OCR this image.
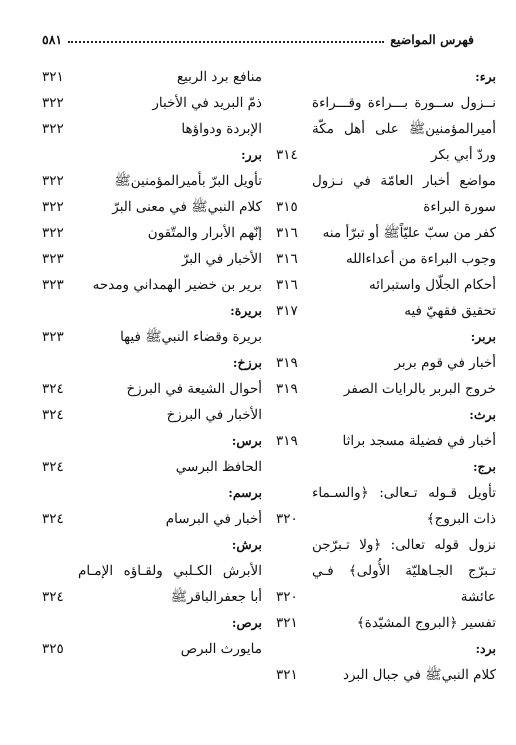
٥٨١	فهرس المواضيع
برء:
نــزول ســورة بـــراءة وقـــراءة
أميرالمؤمنينﷺ على أهل مكّة
وردّ أبي بكر
٣١٤
مواضع أخبار العامّة في نـزول
سورة البراءة
٣١٥
كفر من سبّ عليّاًﷺ أو تبرّأ منه
٣١٦
وجوب البراءة من أعداءالله
٣١٦
أحكام الجلّال واستبرائه
٣١٦
تحقيق فقهيّ فيه
٣١٧
بربر:
أخبار في قوم بربر
٣١٩
خروج البربر بالرايات الصفر
٣١٩
برث:
أخبار في فضيلة مسجد براثا
٣١٩
برج:
تأويل قـوله تـعالى: ﴿والسـماء
ذات البروج﴾
٣٢٠
نزول قوله تعالى: ﴿ولا تـبرّجن
تـبرّج الجـاهليّة الأُولى﴾ فـي
عائشة
٣٢٠
تفسير ﴿البروج المشيّدة﴾
٣٢١
برد:
كلام النبيﷺ في جبال البرد
٣٢١
منافع برد الربيع
٣٢١
ذمّ البريد في الأخبار
٣٢٢
الإبردة ودواؤها
٣٢٢
برر:
تأويل البرّ بأميرالمؤمنينﷺ
٣٢٢
كلام النبيﷺ في معنى البرّ
٣٢٢
إنّهم الأبرار والمتّقون
٣٢٢
الأخبار في البرّ
٣٢٣
برير بن خضير الهمداني ومدحه
٣٢٣
بريرة:
بريرة وقضاء النبيﷺ فيها
٣٢٣
برزخ:
أحوال الشيعة في البرزخ
٣٢٤
الأخبار في البرزخ
٣٢٤
برس:
الحافظ البرسي
٣٢٤
برسم:
أخبار في البرسام
٣٢٤
برش:
الأبرش الكـلبي ولقـاؤه الإمـام
أبا جعفرالباقرﷺ
٣٢٤
برص:
مايورث البرص
٣٢٥
